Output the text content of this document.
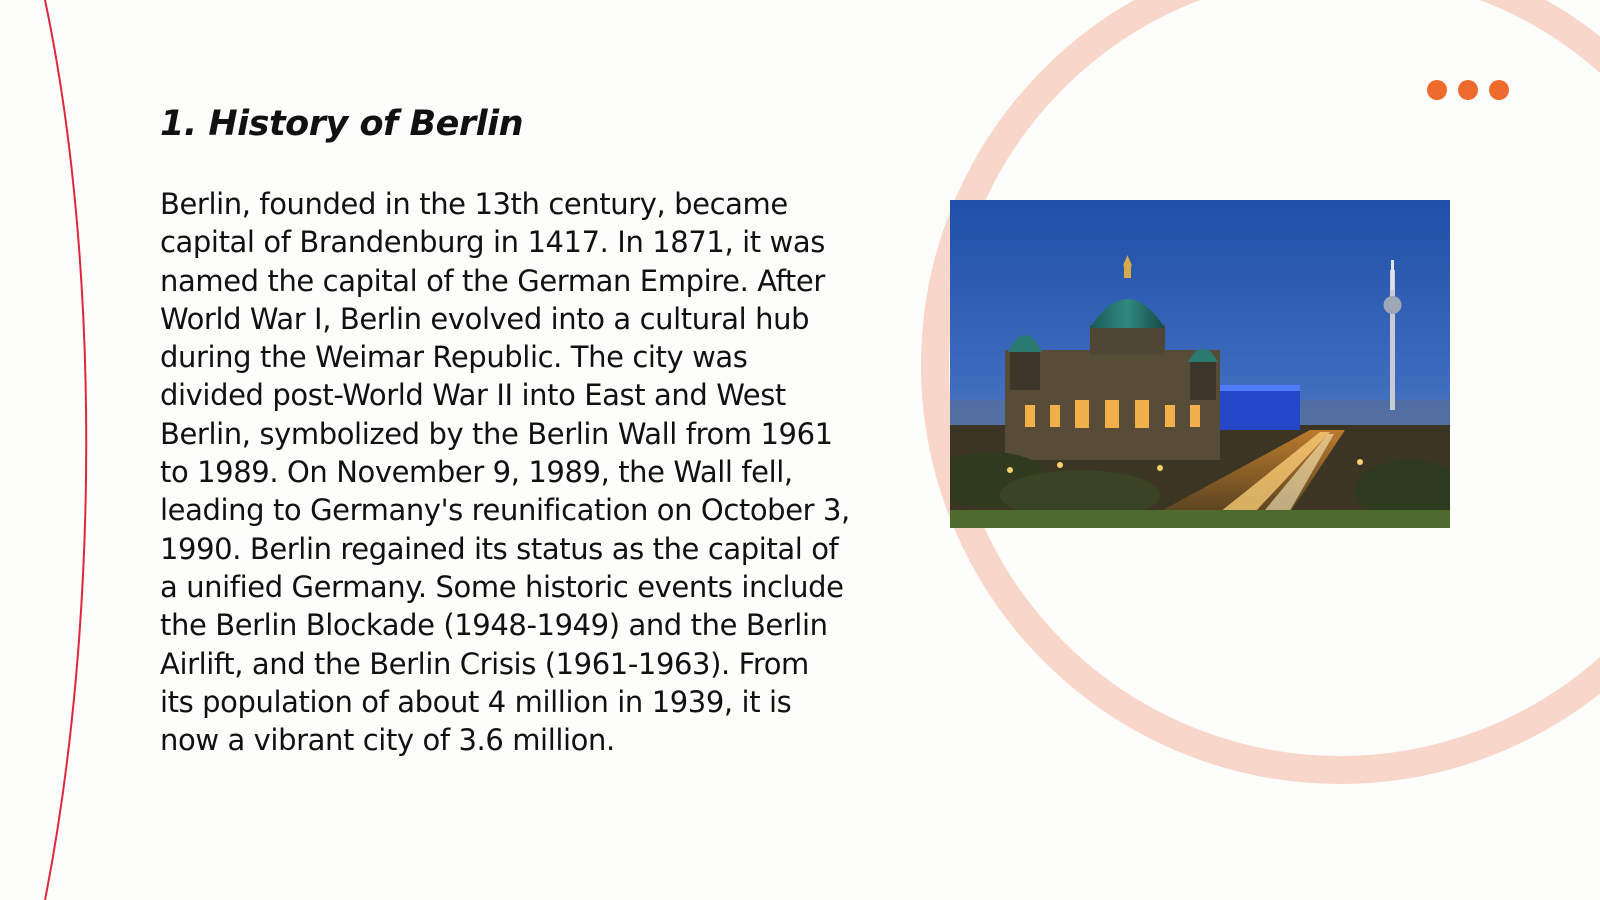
1. History of Berlin

Berlin, founded in the 13th century, became capital of Brandenburg in 1417. In 1871, it was named the capital of the German Empire. After World War I, Berlin evolved into a cultural hub during the Weimar Republic. The city was divided post-World War II into East and West Berlin, symbolized by the Berlin Wall from 1961 to 1989. On November 9, 1989, the Wall fell, leading to Germany's reunification on October 3, 1990. Berlin regained its status as the capital of a unified Germany. Some historic events include the Berlin Blockade (1948-1949) and the Berlin Airlift, and the Berlin Crisis (1961-1963). From its population of about 4 million in 1939, it is now a vibrant city of 3.6 million.
